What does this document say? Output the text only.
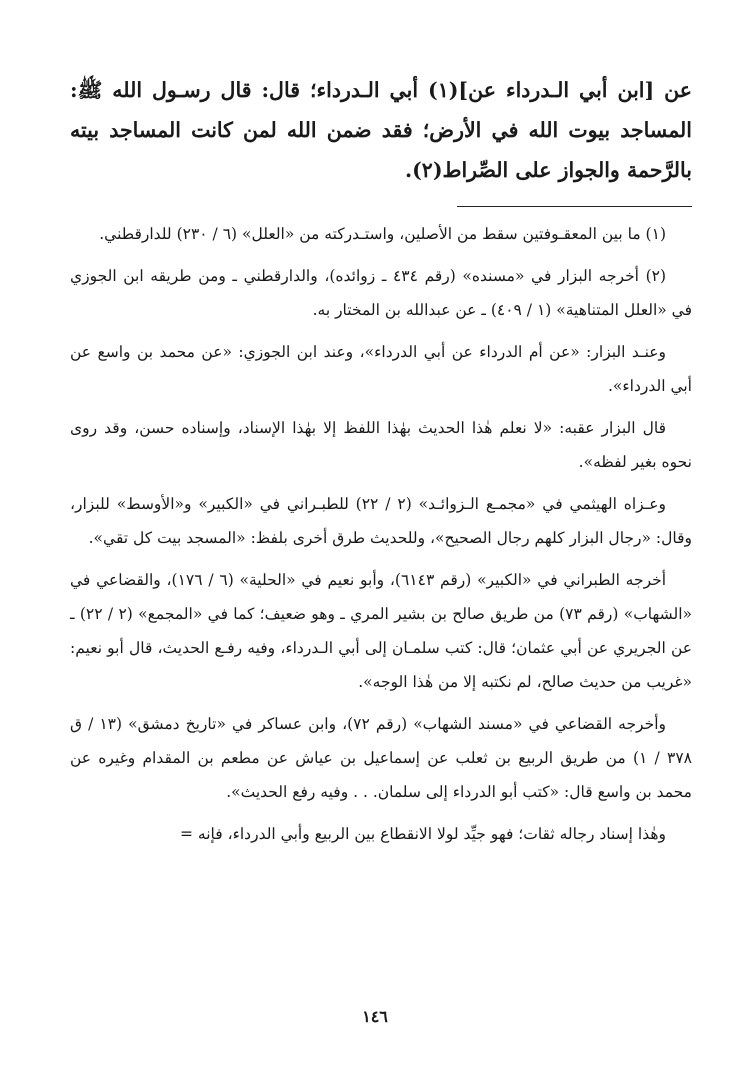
عن [ابن أبي الـدرداء عن](١) أبي الـدرداء؛ قال: قال رسـول الله ﷺ: المساجد بيوت الله في الأرض؛ فقد ضمن الله لمن كانت المساجد بيته بالرَّحمة والجواز على الصِّراط(٢).

(١) ما بين المعقـوفتين سقط من الأصلين، واستـدركته من «العلل» (٦ / ٢٣٠) للدارقطني.

(٢) أخرجه البزار في «مسنده» (رقم ٤٣٤ ـ زوائده)، والدارقطني ـ ومن طريقه ابن الجوزي في «العلل المتناهية» (١ / ٤٠٩) ـ عن عبدالله بن المختار به.

وعنـد البزار: «عن أم الدرداء عن أبي الدرداء»، وعند ابن الجوزي: «عن محمد بن واسع عن أبي الدرداء».

قال البزار عقبه: «لا نعلم هٰذا الحديث بهٰذا اللفظ إلا بهٰذا الإسناد، وإسناده حسن، وقد روى نحوه بغير لفظه».

وعـزاه الهيثمي في «مجمـع الـزوائـد» (٢ / ٢٢) للطبـراني في «الكبير» و«الأوسط» للبزار، وقال: «رجال البزار كلهم رجال الصحيح»، وللحديث طرق أخرى بلفظ: «المسجد بيت كل تقي».

أخرجه الطبراني في «الكبير» (رقم ٦١٤٣)، وأبو نعيم في «الحلية» (٦ / ١٧٦)، والقضاعي في «الشهاب» (رقم ٧٣) من طريق صالح بن بشير المري ـ وهو ضعيف؛ كما في «المجمع» (٢ / ٢٢) ـ عن الجريري عن أبي عثمان؛ قال: كتب سلمـان إلى أبي الـدرداء، وفيه رفـع الحديث، قال أبو نعيم: «غريب من حديث صالح، لم نكتبه إلا من هٰذا الوجه».

وأخرجه القضاعي في «مسند الشهاب» (رقم ٧٢)، وابن عساكر في «تاريخ دمشق» (١٣ / ق ٣٧٨ / ١) من طريق الربيع بن ثعلب عن إسماعيل بن عياش عن مطعم بن المقدام وغيره عن محمد بن واسع قال: «كتب أبو الدرداء إلى سلمان. . . وفيه رفع الحديث».

وهٰذا إسناد رجاله ثقات؛ فهو جيِّد لولا الانقطاع بين الربيع وأبي الدرداء، فإنه =

١٤٦
